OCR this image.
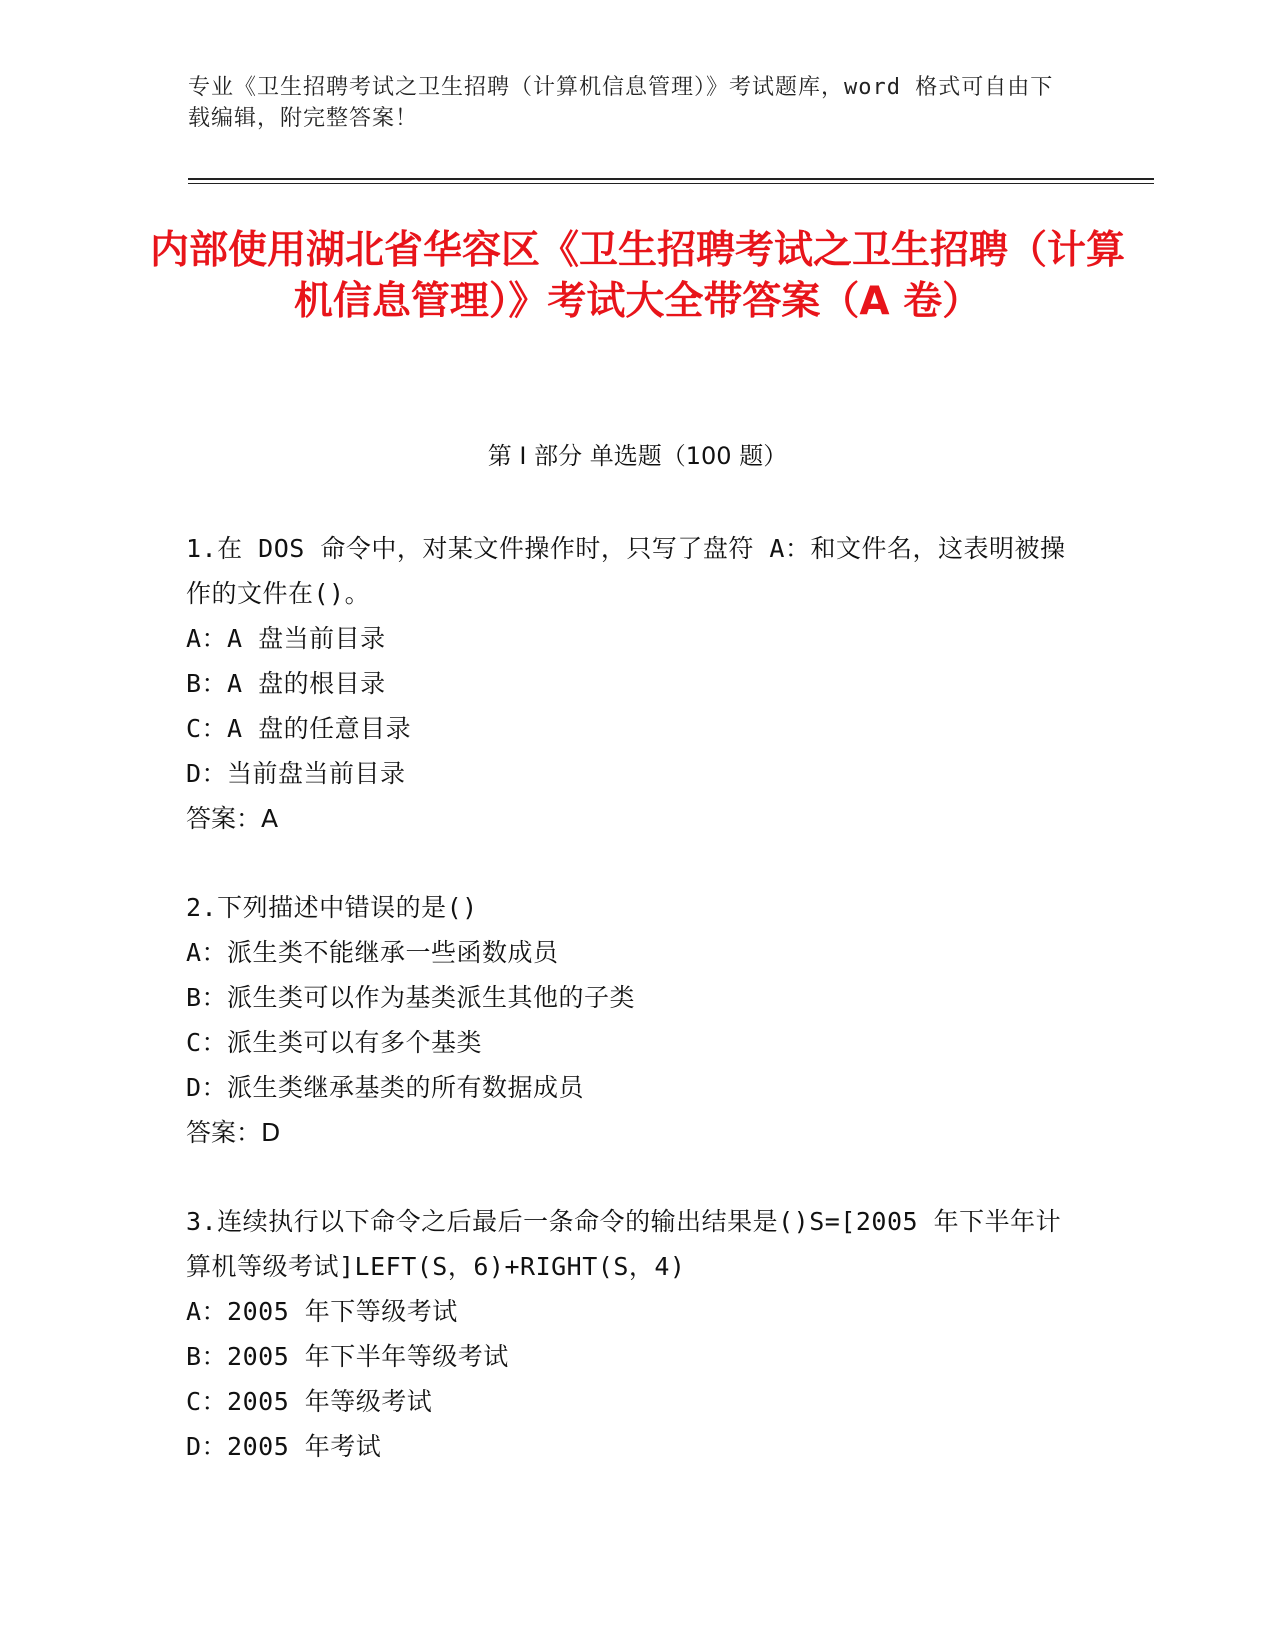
专业《卫生招聘考试之卫生招聘（计算机信息管理）》考试题库，word 格式可自由下载编辑，附完整答案！
内部使用湖北省华容区《卫生招聘考试之卫生招聘（计算机信息管理）》考试大全带答案（A 卷）
第 I 部分 单选题（100 题）
1.在 DOS 命令中，对某文件操作时，只写了盘符 A：和文件名，这表明被操作的文件在()。
A：A 盘当前目录
B：A 盘的根目录
C：A 盘的任意目录
D：当前盘当前目录
答案：A
2.下列描述中错误的是()
A：派生类不能继承一些函数成员
B：派生类可以作为基类派生其他的子类
C：派生类可以有多个基类
D：派生类继承基类的所有数据成员
答案：D
3.连续执行以下命令之后最后一条命令的输出结果是()S=[2005 年下半年计算机等级考试]LEFT(S，6)+RIGHT(S，4)
A：2005 年下等级考试
B：2005 年下半年等级考试
C：2005 年等级考试
D：2005 年考试
